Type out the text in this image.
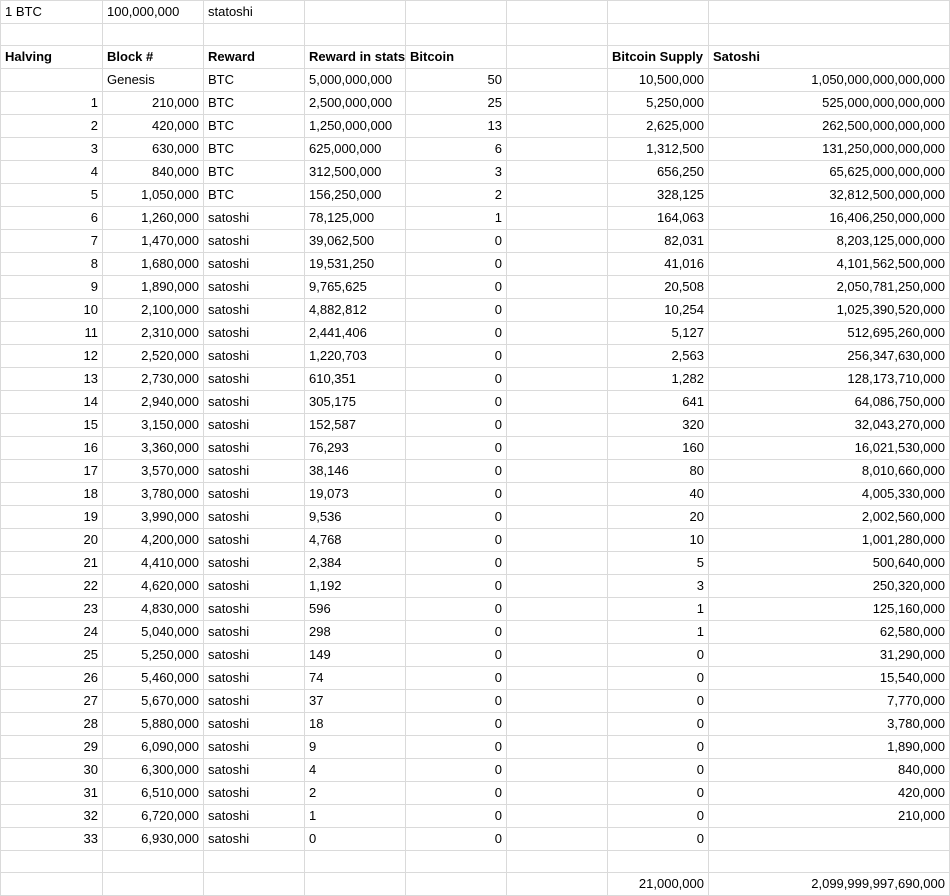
1 BTC	100,000,000	statoshi					

Halving	Block #	Reward	Reward in stats	Bitcoin		Bitcoin Supply	Satoshi
	Genesis	BTC	5,000,000,000	50		10,500,000	1,050,000,000,000,000
1	210,000	BTC	2,500,000,000	25		5,250,000	525,000,000,000,000
2	420,000	BTC	1,250,000,000	13		2,625,000	262,500,000,000,000
3	630,000	BTC	625,000,000	6		1,312,500	131,250,000,000,000
4	840,000	BTC	312,500,000	3		656,250	65,625,000,000,000
5	1,050,000	BTC	156,250,000	2		328,125	32,812,500,000,000
6	1,260,000	satoshi	78,125,000	1		164,063	16,406,250,000,000
7	1,470,000	satoshi	39,062,500	0		82,031	8,203,125,000,000
8	1,680,000	satoshi	19,531,250	0		41,016	4,101,562,500,000
9	1,890,000	satoshi	9,765,625	0		20,508	2,050,781,250,000
10	2,100,000	satoshi	4,882,812	0		10,254	1,025,390,520,000
11	2,310,000	satoshi	2,441,406	0		5,127	512,695,260,000
12	2,520,000	satoshi	1,220,703	0		2,563	256,347,630,000
13	2,730,000	satoshi	610,351	0		1,282	128,173,710,000
14	2,940,000	satoshi	305,175	0		641	64,086,750,000
15	3,150,000	satoshi	152,587	0		320	32,043,270,000
16	3,360,000	satoshi	76,293	0		160	16,021,530,000
17	3,570,000	satoshi	38,146	0		80	8,010,660,000
18	3,780,000	satoshi	19,073	0		40	4,005,330,000
19	3,990,000	satoshi	9,536	0		20	2,002,560,000
20	4,200,000	satoshi	4,768	0		10	1,001,280,000
21	4,410,000	satoshi	2,384	0		5	500,640,000
22	4,620,000	satoshi	1,192	0		3	250,320,000
23	4,830,000	satoshi	596	0		1	125,160,000
24	5,040,000	satoshi	298	0		1	62,580,000
25	5,250,000	satoshi	149	0		0	31,290,000
26	5,460,000	satoshi	74	0		0	15,540,000
27	5,670,000	satoshi	37	0		0	7,770,000
28	5,880,000	satoshi	18	0		0	3,780,000
29	6,090,000	satoshi	9	0		0	1,890,000
30	6,300,000	satoshi	4	0		0	840,000
31	6,510,000	satoshi	2	0		0	420,000
32	6,720,000	satoshi	1	0		0	210,000
33	6,930,000	satoshi	0	0		0	

						21,000,000	2,099,999,997,690,000
